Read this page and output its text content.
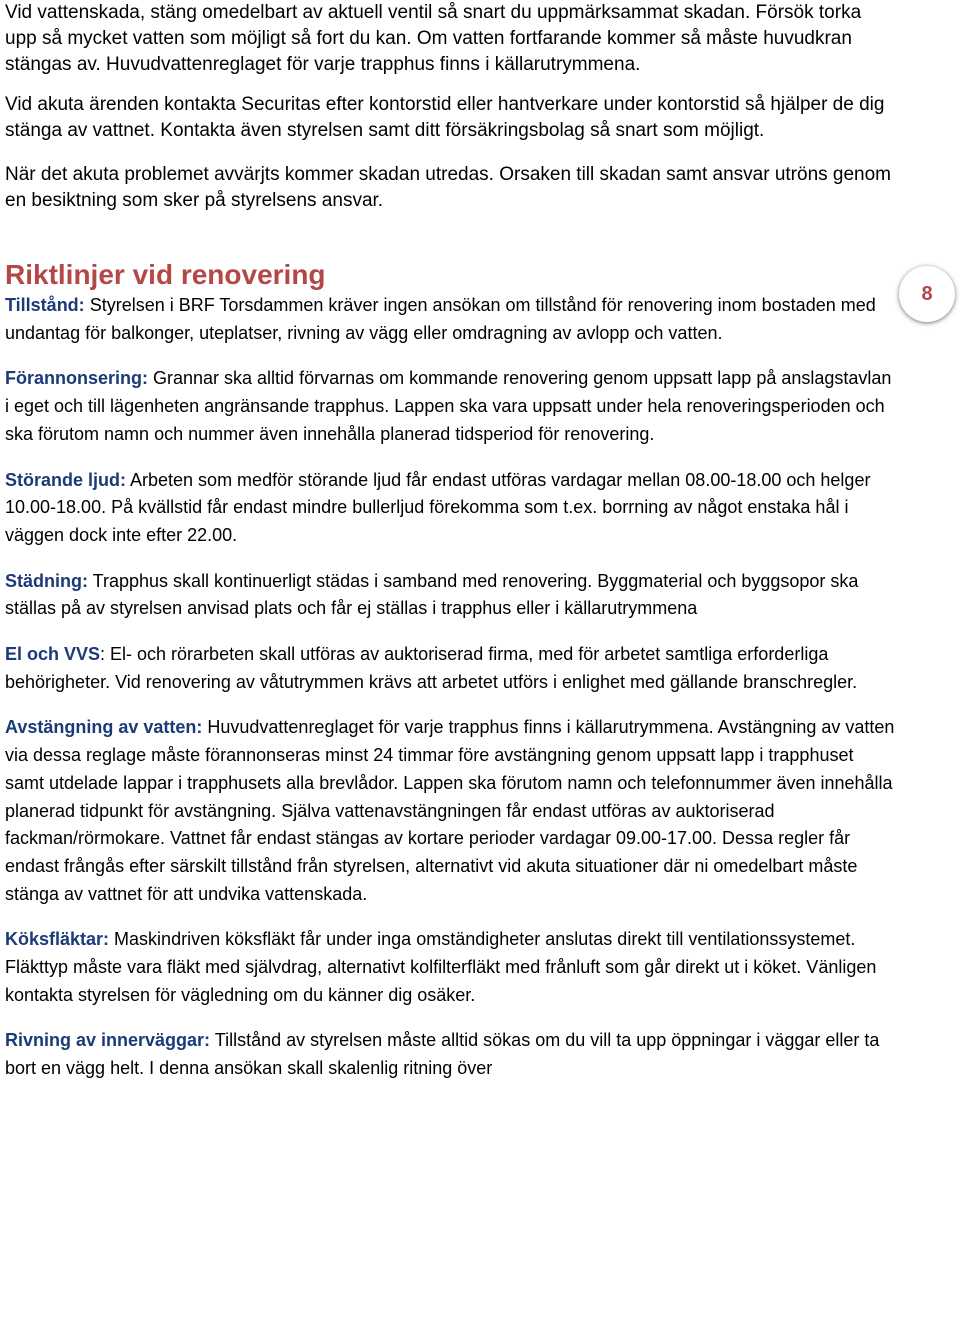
Vid vattenskada, stäng omedelbart av aktuell ventil så snart du uppmärksammat skadan. Försök torka upp så mycket vatten som möjligt så fort du kan. Om vatten fortfarande kommer så måste huvudkran stängas av. Huvudvattenreglaget för varje trapphus finns i källarutrymmena.

Vid akuta ärenden kontakta Securitas efter kontorstid eller hantverkare under kontorstid så hjälper de dig stänga av vattnet. Kontakta även styrelsen samt ditt försäkringsbolag så snart som möjligt.

När det akuta problemet avvärjts kommer skadan utredas. Orsaken till skadan samt ansvar utröns genom en besiktning som sker på styrelsens ansvar.

Riktlinjer vid renovering

Tillstånd: Styrelsen i BRF Torsdammen kräver ingen ansökan om tillstånd för renovering inom bostaden med undantag för balkonger, uteplatser, rivning av vägg eller omdragning av avlopp och vatten.

Förannonsering: Grannar ska alltid förvarnas om kommande renovering genom uppsatt lapp på anslagstavlan i eget och till lägenheten angränsande trapphus. Lappen ska vara uppsatt under hela renoveringsperioden och ska förutom namn och nummer även innehålla planerad tidsperiod för renovering.

Störande ljud: Arbeten som medför störande ljud får endast utföras vardagar mellan 08.00-18.00 och helger 10.00-18.00. På kvällstid får endast mindre bullerljud förekomma som t.ex. borrning av något enstaka hål i väggen dock inte efter 22.00.

Städning: Trapphus skall kontinuerligt städas i samband med renovering. Byggmaterial och byggsopor ska ställas på av styrelsen anvisad plats och får ej ställas i trapphus eller i källarutrymmena

El och VVS: El- och rörarbeten skall utföras av auktoriserad firma, med för arbetet samtliga erforderliga behörigheter. Vid renovering av våtutrymmen krävs att arbetet utförs i enlighet med gällande branschregler.

Avstängning av vatten: Huvudvattenreglaget för varje trapphus finns i källarutrymmena. Avstängning av vatten via dessa reglage måste förannonseras minst 24 timmar före avstängning genom uppsatt lapp i trapphuset samt utdelade lappar i trapphusets alla brevlådor. Lappen ska förutom namn och telefonnummer även innehålla planerad tidpunkt för avstängning. Själva vattenavstängningen får endast utföras av auktoriserad fackman/rörmokare. Vattnet får endast stängas av kortare perioder vardagar 09.00-17.00. Dessa regler får endast frångås efter särskilt tillstånd från styrelsen, alternativt vid akuta situationer där ni omedelbart måste stänga av vattnet för att undvika vattenskada.

Köksfläktar: Maskindriven köksfläkt får under inga omständigheter anslutas direkt till ventilationssystemet. Fläkttyp måste vara fläkt med självdrag, alternativt kolfilterfläkt med frånluft som går direkt ut i köket. Vänligen kontakta styrelsen för vägledning om du känner dig osäker.

Rivning av innerväggar: Tillstånd av styrelsen måste alltid sökas om du vill ta upp öppningar i väggar eller ta bort en vägg helt. I denna ansökan skall skalenlig ritning över

8
